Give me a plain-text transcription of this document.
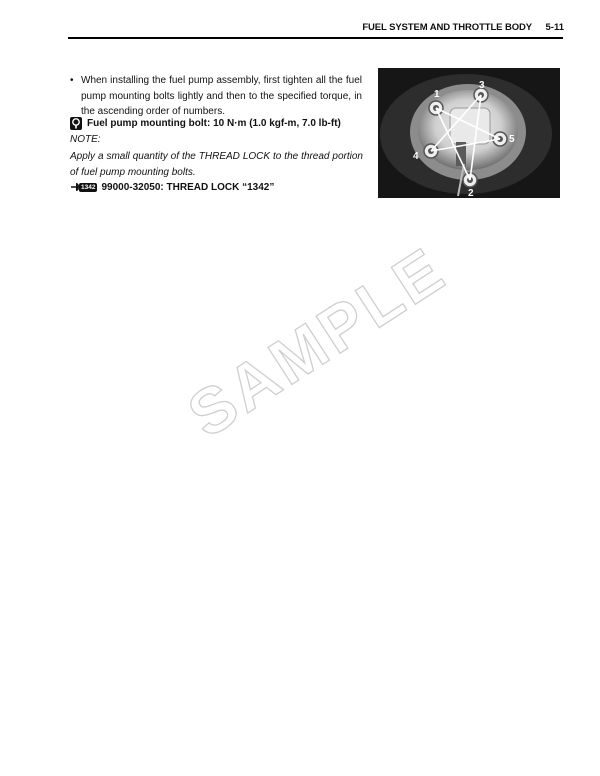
FUEL SYSTEM AND THROTTLE BODY 5-11
• When installing the fuel pump assembly, first tighten all the fuel pump mounting bolts lightly and then to the specified torque, in the ascending order of numbers.
Fuel pump mounting bolt: 10 N·m (1.0 kgf-m, 7.0 lb-ft)
NOTE:
Apply a small quantity of the THREAD LOCK to the thread portion of fuel pump mounting bolts.
1342 99000-32050: THREAD LOCK “1342”
1
2
3
4
5
SAMPLE
